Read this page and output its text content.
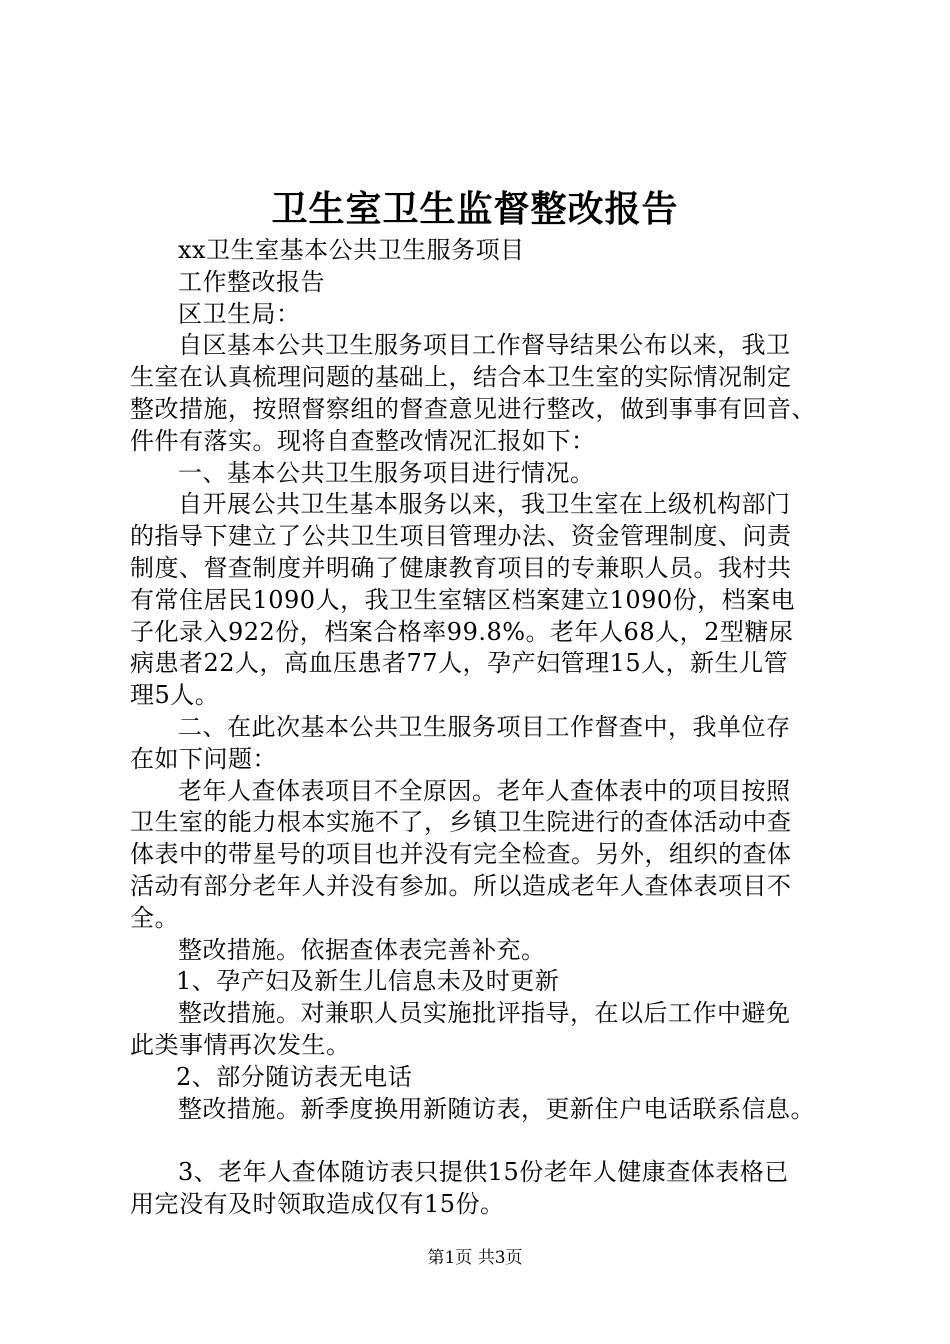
卫生室卫生监督整改报告
xx卫生室基本公共卫生服务项目
工作整改报告
区卫生局：
自区基本公共卫生服务项目工作督导结果公布以来，我卫
生室在认真梳理问题的基础上，结合本卫生室的实际情况制定
整改措施，按照督察组的督查意见进行整改，做到事事有回音、
件件有落实。现将自查整改情况汇报如下：
一、基本公共卫生服务项目进行情况。
自开展公共卫生基本服务以来，我卫生室在上级机构部门
的指导下建立了公共卫生项目管理办法、资金管理制度、问责
制度、督查制度并明确了健康教育项目的专兼职人员。我村共
有常住居民1090人，我卫生室辖区档案建立1090份，档案电
子化录入922份，档案合格率99.8%。老年人68人，2型糖尿
病患者22人，高血压患者77人，孕产妇管理15人，新生儿管
理5人。
二、在此次基本公共卫生服务项目工作督查中，我单位存
在如下问题：
老年人查体表项目不全原因。老年人查体表中的项目按照
卫生室的能力根本实施不了，乡镇卫生院进行的查体活动中查
体表中的带星号的项目也并没有完全检查。另外，组织的查体
活动有部分老年人并没有参加。所以造成老年人查体表项目不
全。
整改措施。依据查体表完善补充。
1、孕产妇及新生儿信息未及时更新
整改措施。对兼职人员实施批评指导，在以后工作中避免
此类事情再次发生。
2、部分随访表无电话
整改措施。新季度换用新随访表，更新住户电话联系信息。
3、老年人查体随访表只提供15份老年人健康查体表格已
用完没有及时领取造成仅有15份。
第1页 共3页
